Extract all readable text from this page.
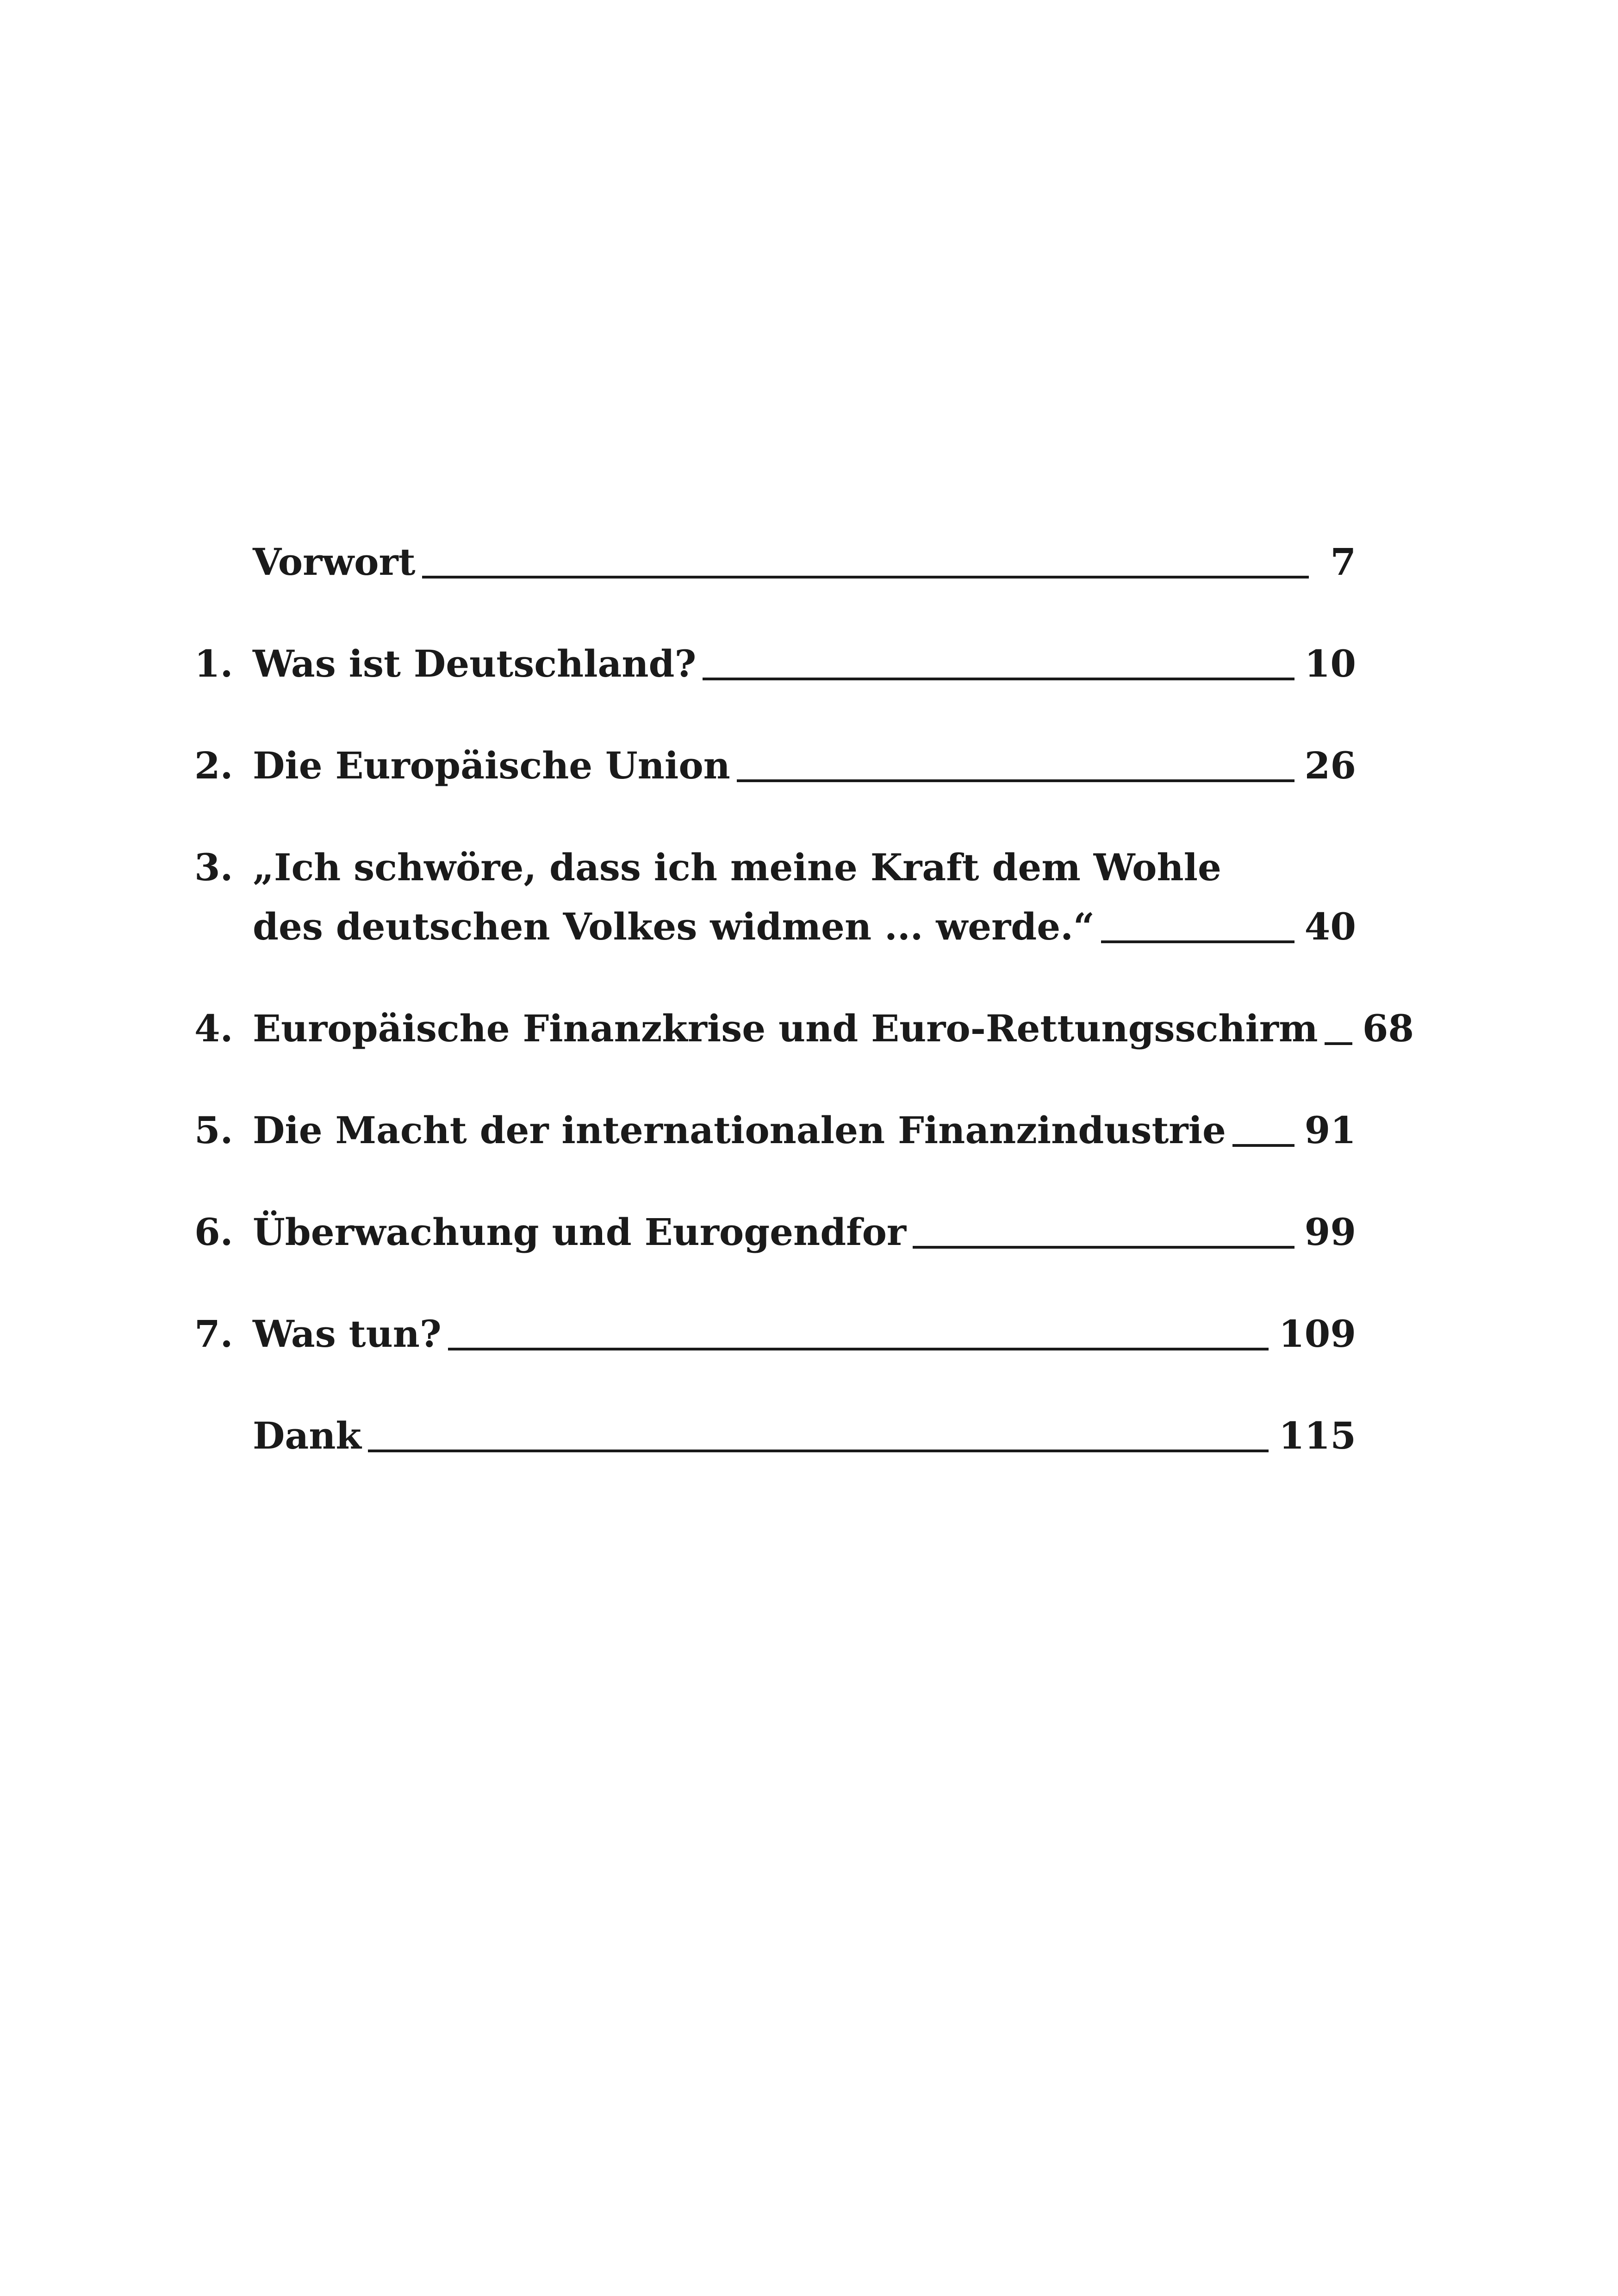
Vorwort	7
1. Was ist Deutschland?	10
2. Die Europäische Union	26
3. „Ich schwöre, dass ich meine Kraft dem Wohle
des deutschen Volkes widmen ... werde.“	40
4. Europäische Finanzkrise und Euro-Rettungsschirm 68
5. Die Macht der internationalen Finanzindustrie 91
6. Überwachung und Eurogendfor	99
7. Was tun?	109
Dank	115
